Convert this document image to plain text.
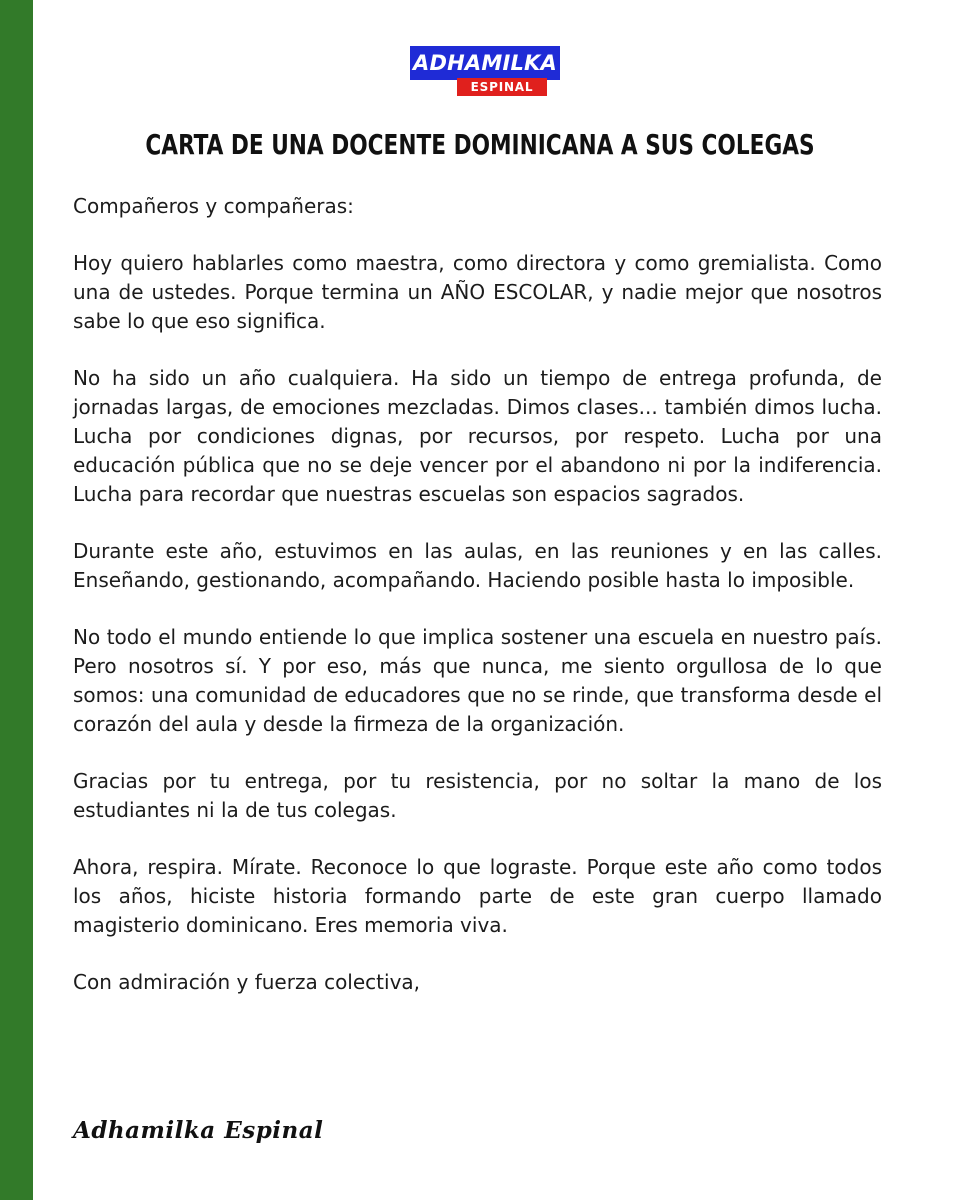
ADHAMILKA
ESPINAL
CARTA DE UNA DOCENTE DOMINICANA A SUS COLEGAS

Compañeros y compañeras:

Hoy quiero hablarles como maestra, como directora y como gremialista. Como una de ustedes. Porque termina un AÑO ESCOLAR, y nadie mejor que nosotros sabe lo que eso significa.

No ha sido un año cualquiera. Ha sido un tiempo de entrega profunda, de jornadas largas, de emociones mezcladas. Dimos clases... también dimos lucha. Lucha por condiciones dignas, por recursos, por respeto. Lucha por una educación pública que no se deje vencer por el abandono ni por la indiferencia. Lucha para recordar que nuestras escuelas son espacios sagrados.

Durante este año, estuvimos en las aulas, en las reuniones y en las calles. Enseñando, gestionando, acompañando. Haciendo posible hasta lo imposible.

No todo el mundo entiende lo que implica sostener una escuela en nuestro país. Pero nosotros sí. Y por eso, más que nunca, me siento orgullosa de lo que somos: una comunidad de educadores que no se rinde, que transforma desde el corazón del aula y desde la firmeza de la organización.

Gracias por tu entrega, por tu resistencia, por no soltar la mano de los estudiantes ni la de tus colegas.

Ahora, respira. Mírate. Reconoce lo que lograste. Porque este año como todos los años, hiciste historia formando parte de este gran cuerpo llamado magisterio dominicano. Eres memoria viva.

Con admiración y fuerza colectiva,

Adhamilka Espinal
